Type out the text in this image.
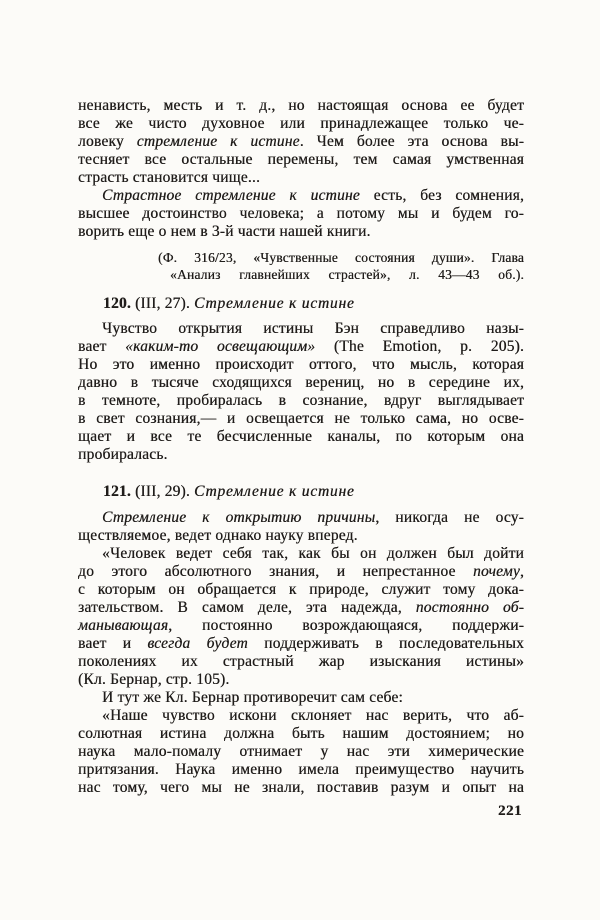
ненависть, месть и т. д., но настоящая основа ее будет
все же чисто духовное или принадлежащее только че-
ловеку стремление к истине. Чем более эта основа вы-
тесняет все остальные перемены, тем самая умственная
страсть становится чище...
Страстное стремление к истине есть, без сомнения,
высшее достоинство человека; а потому мы и будем го-
ворить еще о нем в 3-й части нашей книги.
(Ф. 316/23, «Чувственные состояния души». Глава
«Анализ главнейших страстей», л. 43—43 об.).
120. (III, 27). Стремление к истине
Чувство открытия истины Бэн справедливо назы-
вает «каким-то освещающим» (The Emotion, p. 205).
Но это именно происходит оттого, что мысль, которая
давно в тысяче сходящихся верениц, но в середине их,
в темноте, пробиралась в сознание, вдруг выглядывает
в свет сознания,— и освещается не только сама, но осве-
щает и все те бесчисленные каналы, по которым она
пробиралась.
121. (III, 29). Стремление к истине
Стремление к открытию причины, никогда не осу-
ществляемое, ведет однако науку вперед.
«Человек ведет себя так, как бы он должен был дойти
до этого абсолютного знания, и непрестанное почему,
с которым он обращается к природе, служит тому дока-
зательством. В самом деле, эта надежда, постоянно об-
манывающая, постоянно возрождающаяся, поддержи-
вает и всегда будет поддерживать в последовательных
поколениях их страстный жар изыскания истины»
(Кл. Бернар, стр. 105).
И тут же Кл. Бернар противоречит сам себе:
«Наше чувство искони склоняет нас верить, что аб-
солютная истина должна быть нашим достоянием; но
наука мало-помалу отнимает у нас эти химерические
притязания. Наука именно имела преимущество научить
нас тому, чего мы не знали, поставив разум и опыт на
221
